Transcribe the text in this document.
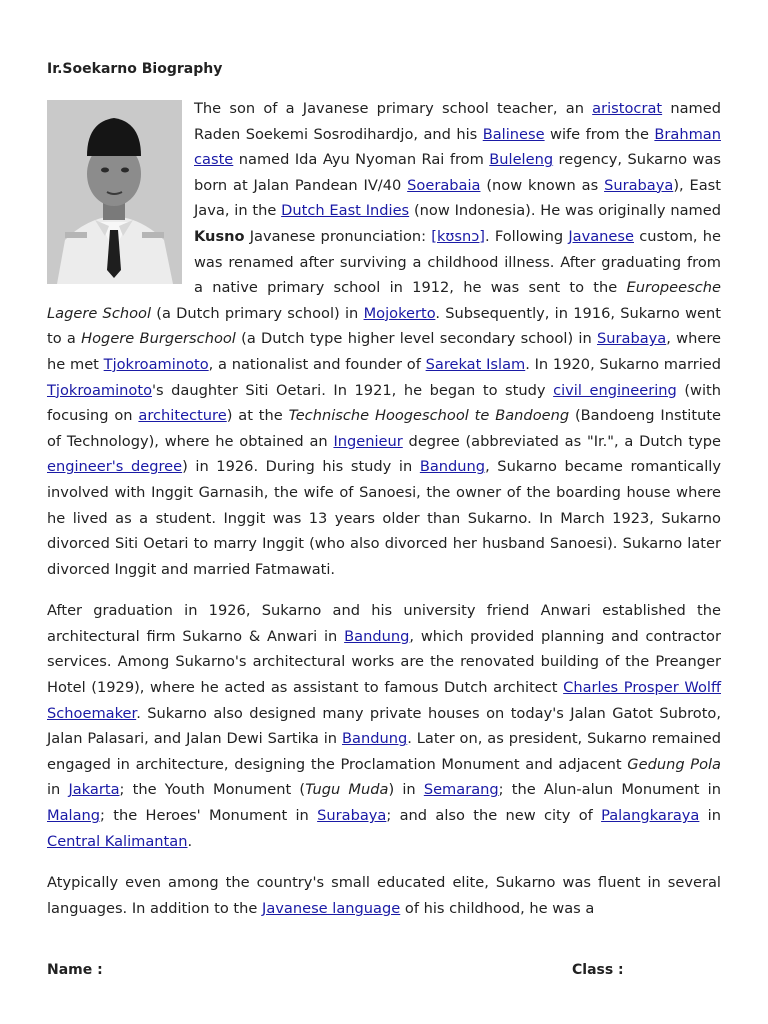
Ir.Soekarno Biography

The son of a Javanese primary school teacher, an aristocrat named Raden Soekemi Sosrodihardjo, and his Balinese wife from the Brahman caste named Ida Ayu Nyoman Rai from Buleleng regency, Sukarno was born at Jalan Pandean IV/40 Soerabaia (now known as Surabaya), East Java, in the Dutch East Indies (now Indonesia). He was originally named Kusno Javanese pronunciation: [kʊsnɔ]. Following Javanese custom, he was renamed after surviving a childhood illness. After graduating from a native primary school in 1912, he was sent to the Europeesche Lagere School (a Dutch primary school) in Mojokerto. Subsequently, in 1916, Sukarno went to a Hogere Burgerschool (a Dutch type higher level secondary school) in Surabaya, where he met Tjokroaminoto, a nationalist and founder of Sarekat Islam. In 1920, Sukarno married Tjokroaminoto's daughter Siti Oetari. In 1921, he began to study civil engineering (with focusing on architecture) at the Technische Hoogeschool te Bandoeng (Bandoeng Institute of Technology), where he obtained an Ingenieur degree (abbreviated as "Ir.", a Dutch type engineer's degree) in 1926. During his study in Bandung, Sukarno became romantically involved with Inggit Garnasih, the wife of Sanoesi, the owner of the boarding house where he lived as a student. Inggit was 13 years older than Sukarno. In March 1923, Sukarno divorced Siti Oetari to marry Inggit (who also divorced her husband Sanoesi). Sukarno later divorced Inggit and married Fatmawati.

After graduation in 1926, Sukarno and his university friend Anwari established the architectural firm Sukarno & Anwari in Bandung, which provided planning and contractor services. Among Sukarno's architectural works are the renovated building of the Preanger Hotel (1929), where he acted as assistant to famous Dutch architect Charles Prosper Wolff Schoemaker. Sukarno also designed many private houses on today's Jalan Gatot Subroto, Jalan Palasari, and Jalan Dewi Sartika in Bandung. Later on, as president, Sukarno remained engaged in architecture, designing the Proclamation Monument and adjacent Gedung Pola in Jakarta; the Youth Monument (Tugu Muda) in Semarang; the Alun-alun Monument in Malang; the Heroes' Monument in Surabaya; and also the new city of Palangkaraya in Central Kalimantan.

Atypically even among the country's small educated elite, Sukarno was fluent in several languages. In addition to the Javanese language of his childhood, he was a

Name :	Class :
